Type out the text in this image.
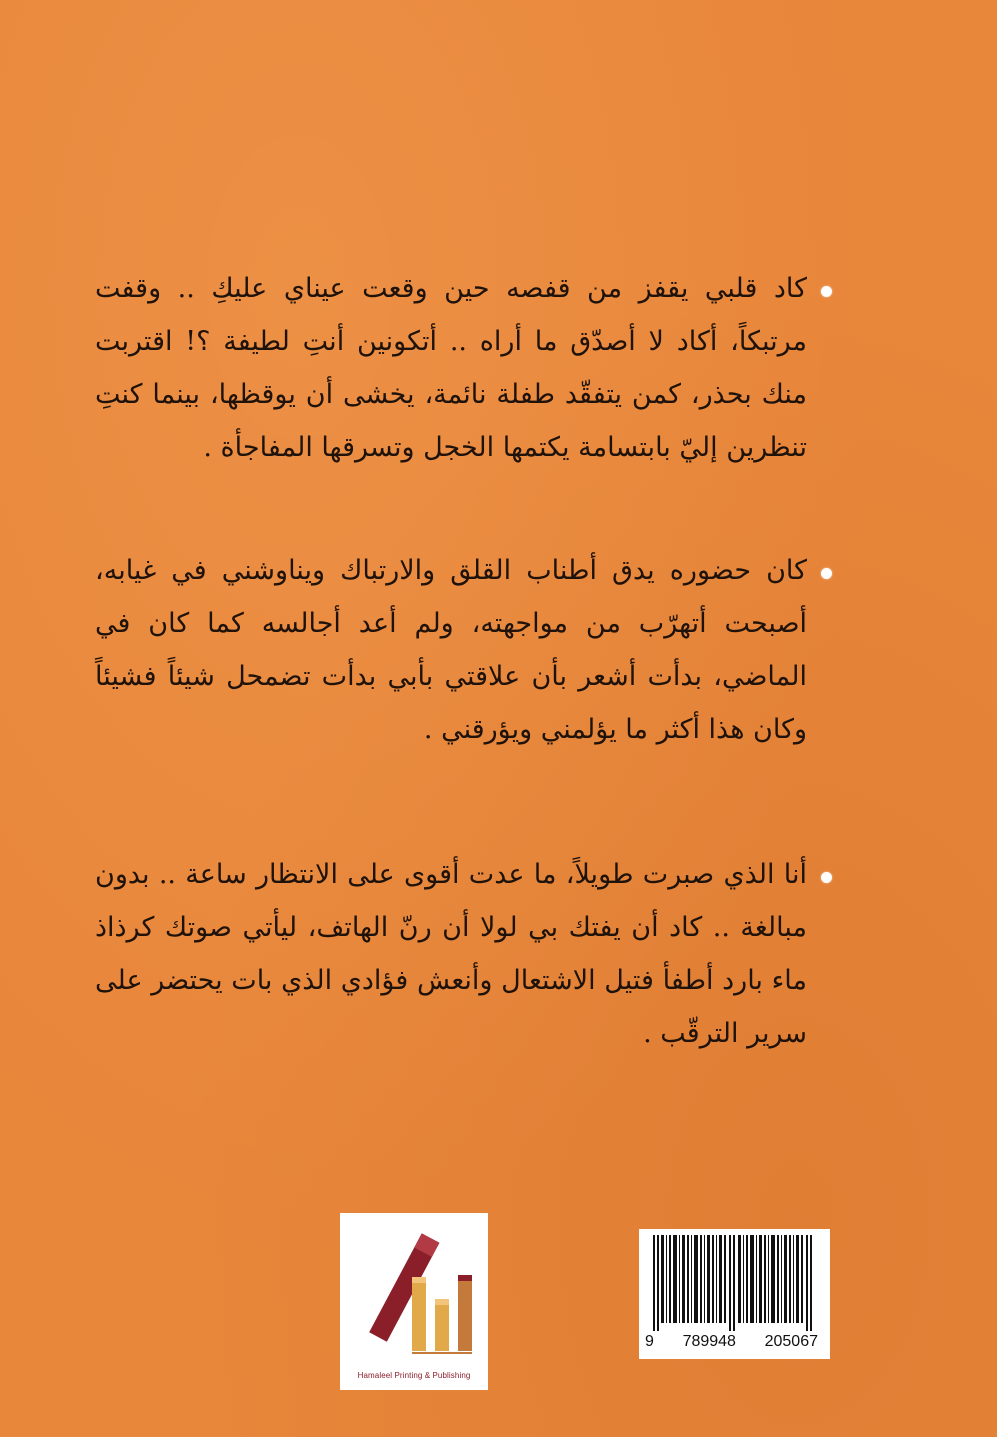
كاد قلبي يقفز من قفصه حين وقعت عيناي عليكِ .. وقفت مرتبكاً، أكاد لا أصدّق ما أراه .. أتكونين أنتِ لطيفة ؟! اقتربت منك بحذر، كمن يتفقّد طفلة نائمة، يخشى أن يوقظها، بينما كنتِ تنظرين إليّ بابتسامة يكتمها الخجل وتسرقها المفاجأة .

كان حضوره يدق أطناب القلق والارتباك ويناوشني في غيابه، أصبحت أتهرّب من مواجهته، ولم أعد أجالسه كما كان في الماضي، بدأت أشعر بأن علاقتي بأبي بدأت تضمحل شيئاً فشيئاً وكان هذا أكثر ما يؤلمني ويؤرقني .

أنا الذي صبرت طويلاً، ما عدت أقوى على الانتظار ساعة .. بدون مبالغة .. كاد أن يفتك بي لولا أن رنّ الهاتف، ليأتي صوتك كرذاذ ماء بارد أطفأ فتيل الاشتعال وأنعش فؤادي الذي بات يحتضر على سرير الترقّب .

Hamaleel Printing & Publishing
9 789948 205067
